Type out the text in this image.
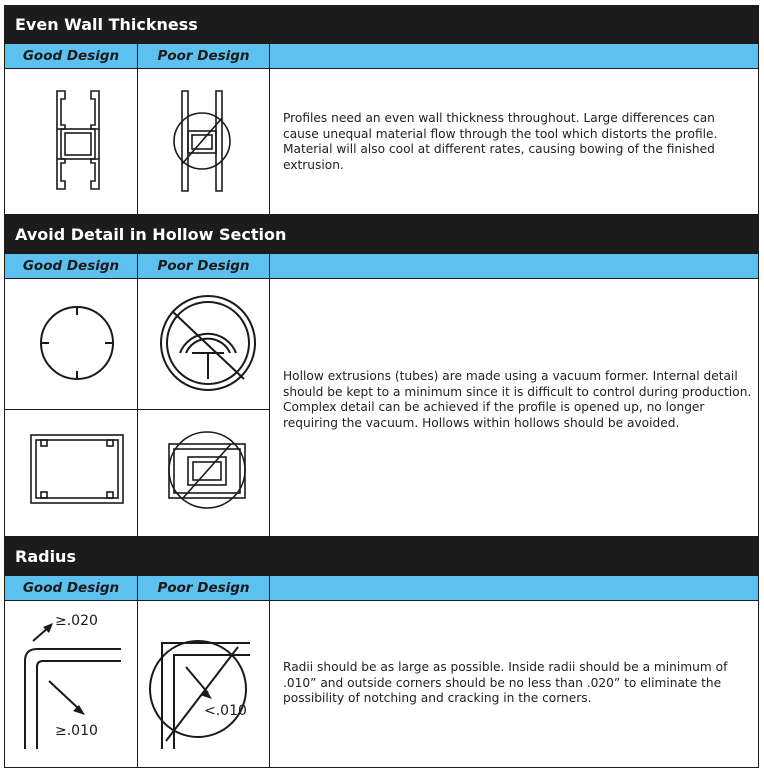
Even Wall Thickness
Good Design	Poor Design
Profiles need an even wall thickness throughout. Large differences can cause unequal material flow through the tool which distorts the profile. Material will also cool at different rates, causing bowing of the finished extrusion.
Avoid Detail in Hollow Section
Good Design	Poor Design
Hollow extrusions (tubes) are made using a vacuum former. Internal detail should be kept to a minimum since it is difficult to control during production. Complex detail can be achieved if the profile is opened up, no longer requiring the vacuum. Hollows within hollows should be avoided.
Radius
Good Design	Poor Design
≥.020
≥.010
<.010
Radii should be as large as possible. Inside radii should be a minimum of .010” and outside corners should be no less than .020” to eliminate the possibility of notching and cracking in the corners.
